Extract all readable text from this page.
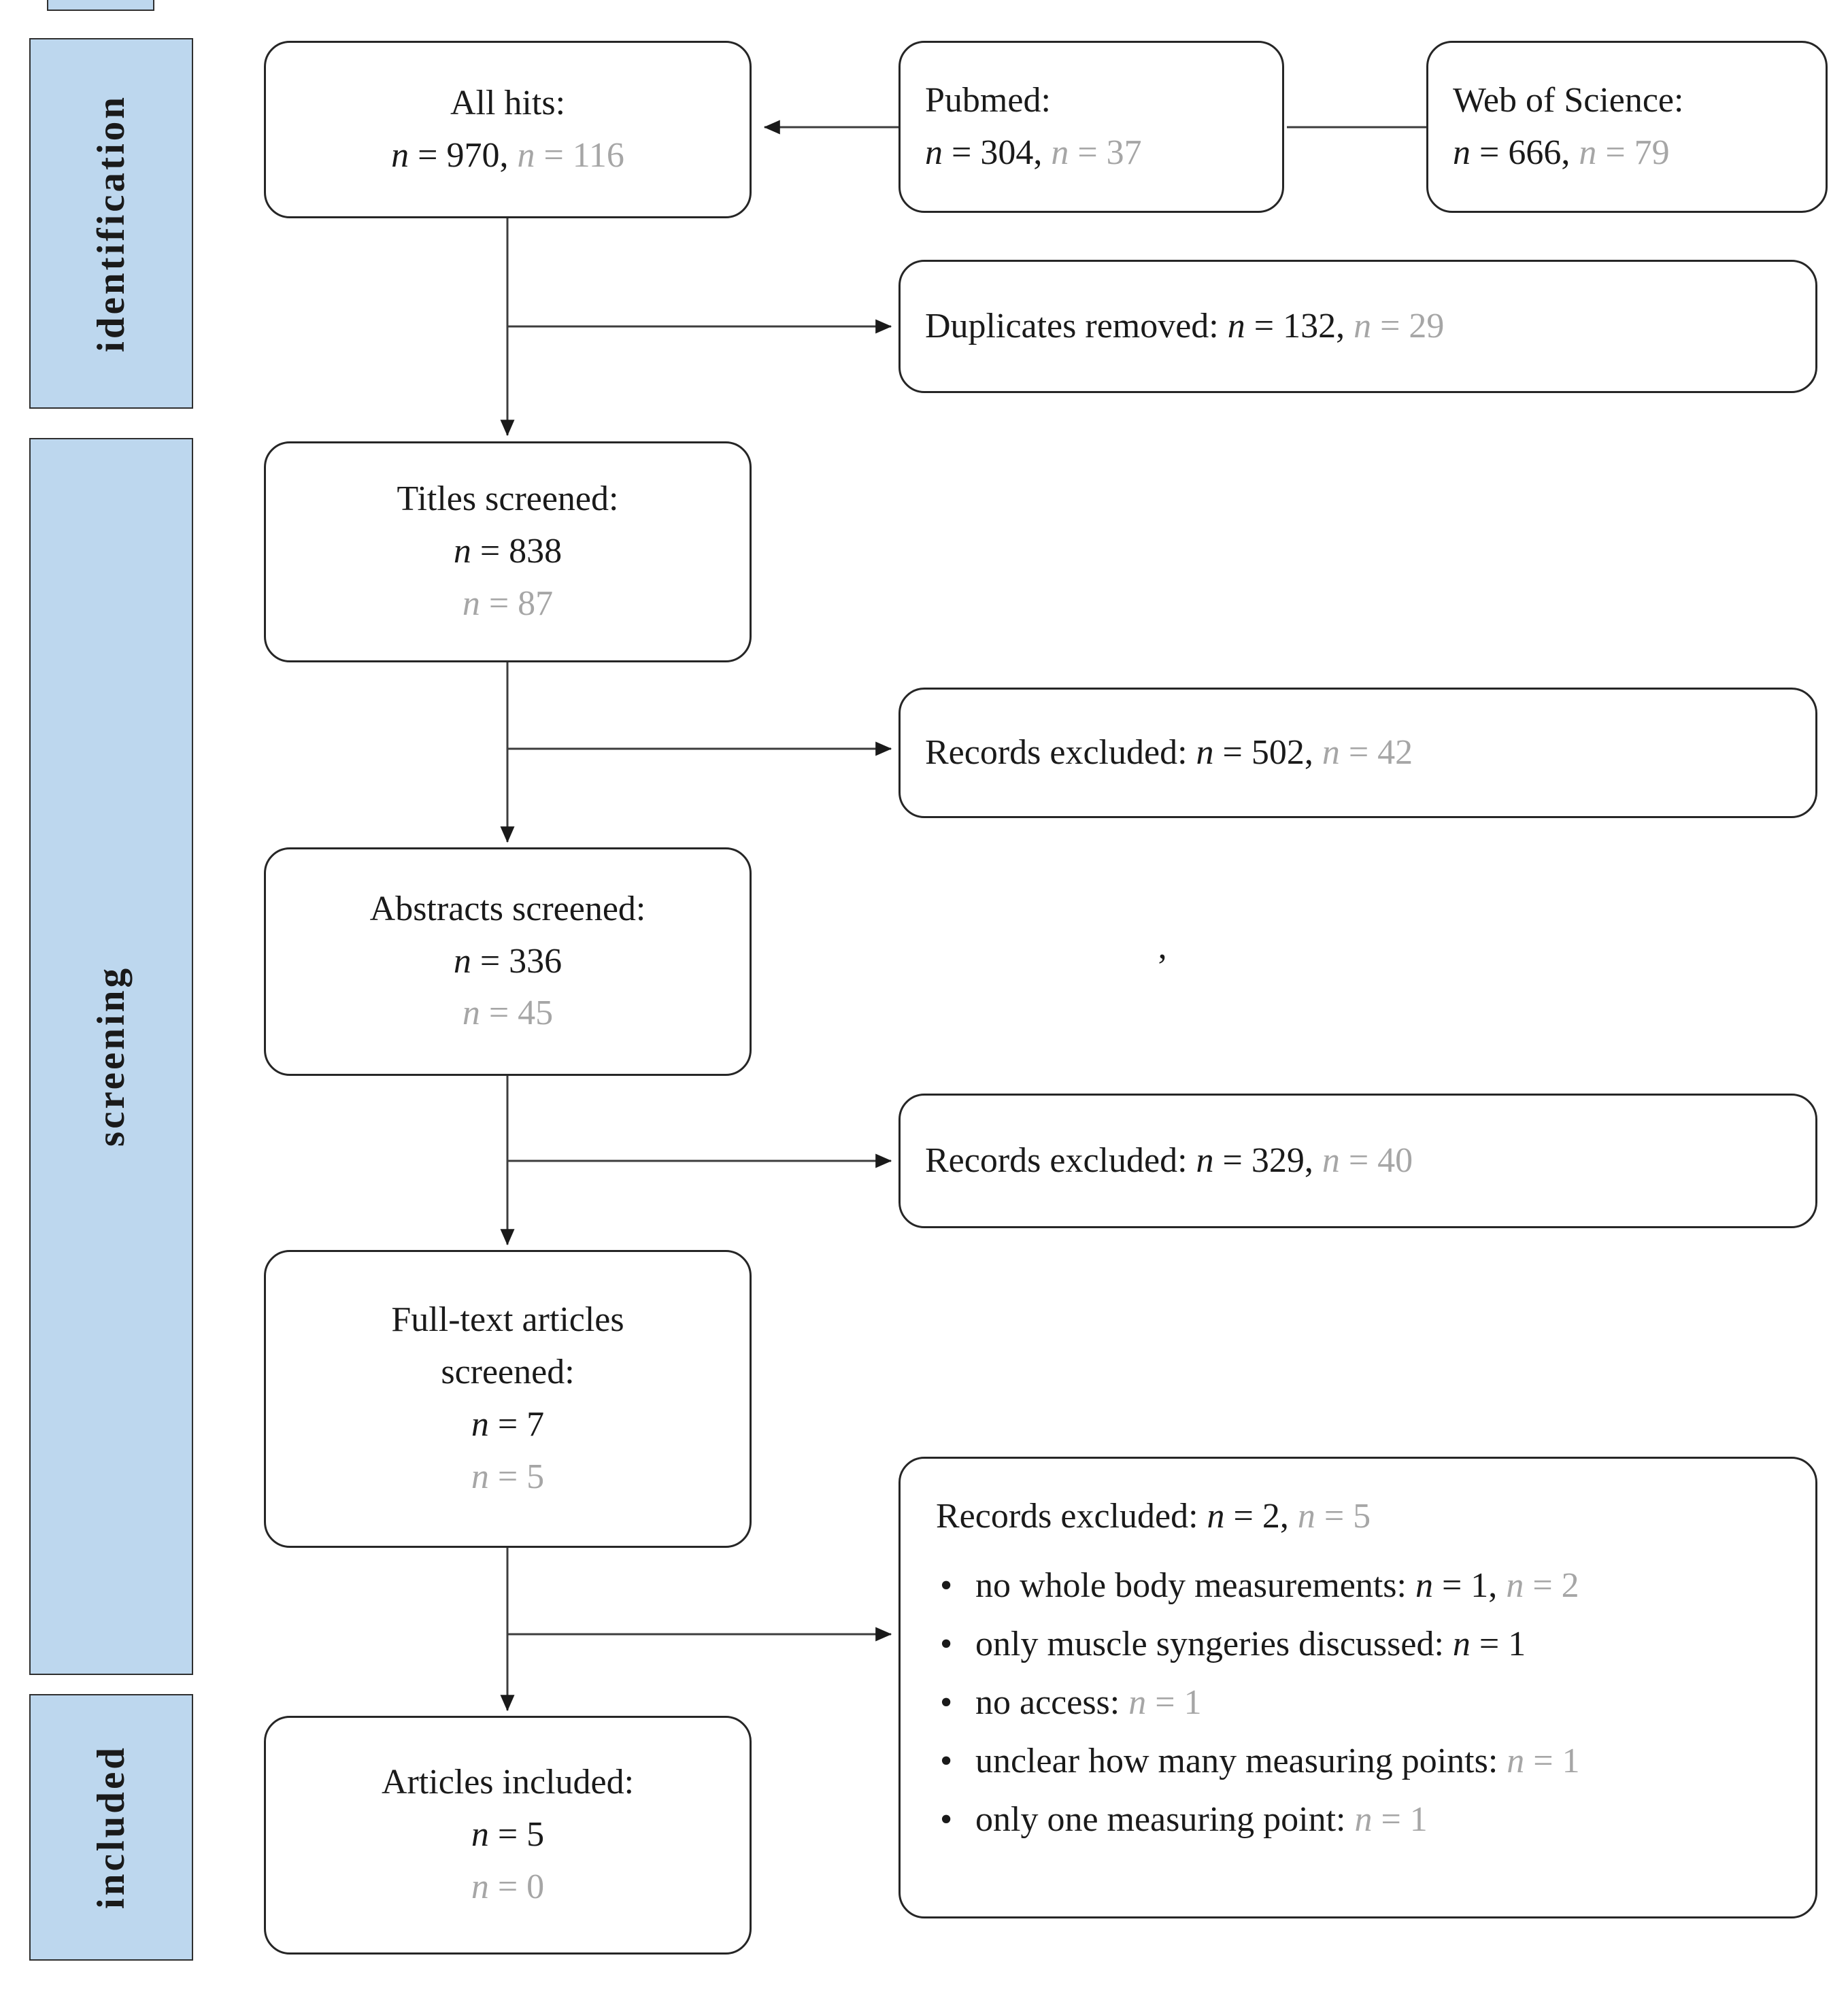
identification
screening
included
All hits:
n = 970, n = 116
Pubmed:
n = 304, n = 37
Web of Science:
n = 666, n = 79
Duplicates removed: n = 132, n = 29
Titles screened:
n = 838
n = 87
Records excluded: n = 502, n = 42
Abstracts screened:
n = 336
n = 45
Records excluded: n = 329, n = 40
Full-text articles
screened:
n = 7
n = 5
Records excluded: n = 2, n = 5
• no whole body measurements: n = 1, n = 2
• only muscle syngeries discussed: n = 1
• no access: n = 1
• unclear how many measuring points: n = 1
• only one measuring point: n = 1
Articles included:
n = 5
n = 0
’
